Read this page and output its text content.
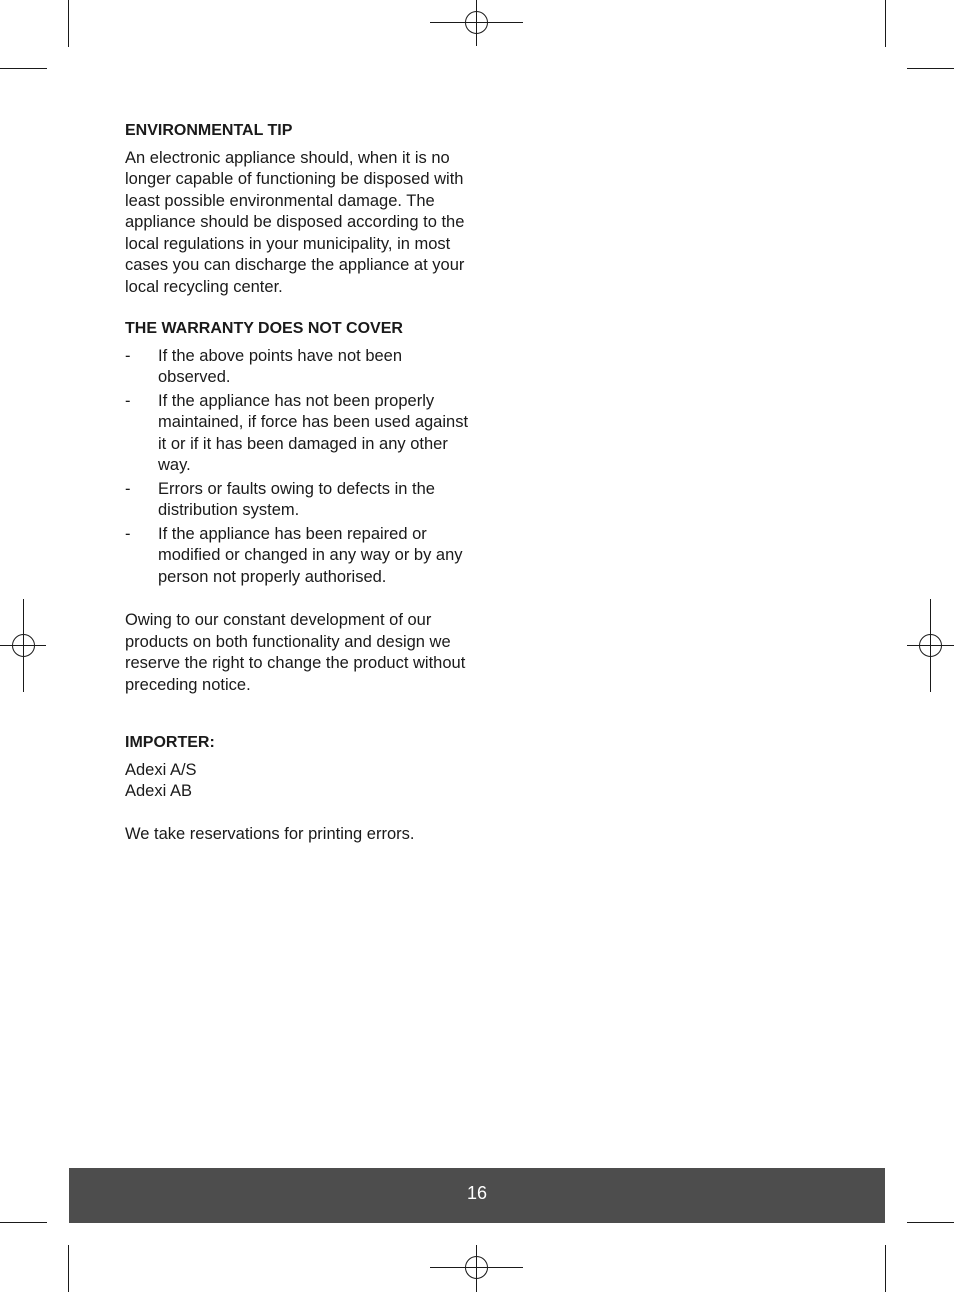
ENVIRONMENTAL TIP

An electronic appliance should, when it is no longer capable of functioning be disposed with least possible environmental damage. The appliance should be disposed according to the local regulations in your municipality, in most cases you can discharge the appliance at your local recycling center.

THE WARRANTY DOES NOT COVER
- If the above points have not been observed.
- If the appliance has not been properly maintained, if force has been used against it or if it has been damaged in any other way.
- Errors or faults owing to defects in the distribution system.
- If the appliance has been repaired or modified or changed in any way or by any person not properly authorised.

Owing to our constant development of our products on both functionality and design we reserve the right to change the product without preceding notice.

IMPORTER:

Adexi A/S

Adexi AB

We take reservations for printing errors.

16
